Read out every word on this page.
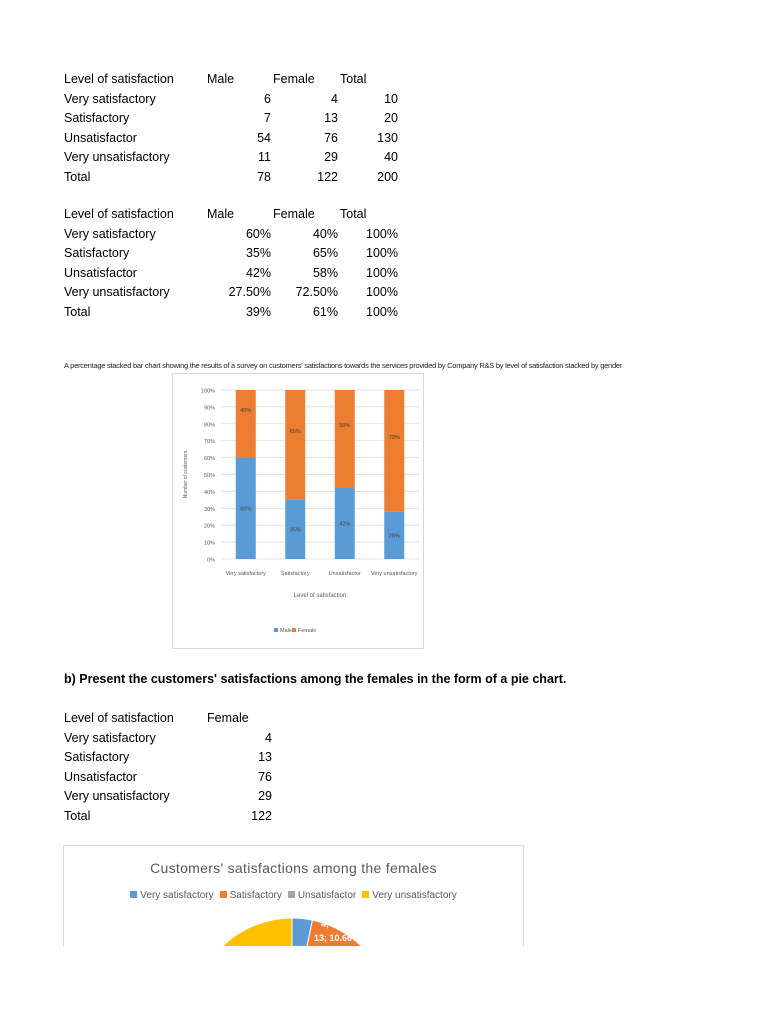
Level of satisfaction	Male	Female Total
Very satisfactory	6	4	10
Satisfactory	7	13	20
Unsatisfactor	54	76	130
Very unsatisfactory	11	29	40
Total	78	122	200
Level of satisfaction	Male	Female Total
Very satisfactory	60%	40% 100%
Satisfactory	35%	65% 100%
Unsatisfactor	42%	58% 100%
Very unsatisfactory	27.50% 72.50% 100%
Total	39%	61% 100%
A percentage stacked bar chart showing the results of a survey on customers' satisfactions towards the services provided by Company R&S by level of satisfaction stacked by gender
0%
10%
20%
30%
40%
50%
60%
70%
80%
90%
100%
Number of customers
60%
40%
Very satisfactory
35%
65%
Satisfactory
42%
58%
Unsatisfactor
28%
73%
Very unsatisfactory
Level of satisfaction
Male Female
b) Present the customers' satisfactions among the females in the form of a pie chart.
Level of satisfaction	Female
Very satisfactory	4
Satisfactory	13
Unsatisfactor	76
Very unsatisfactory	29
Total	122
Customers' satisfactions among the females
Very satisfactory Satisfactory Unsatisfactor Very unsatisfactory
4; 3.28%
13; 10.66%
